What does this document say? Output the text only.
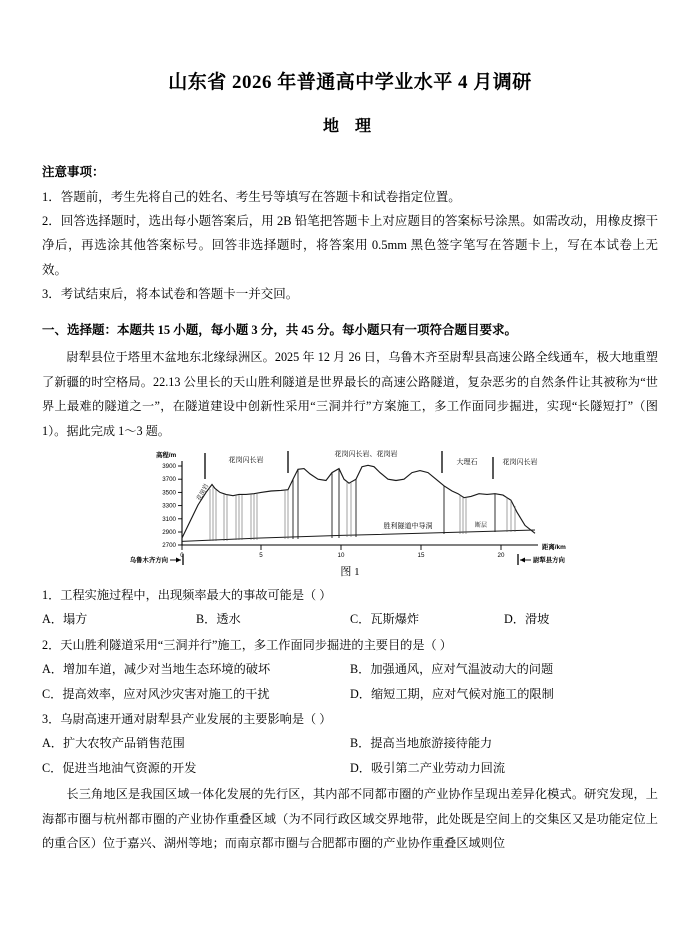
山东省 2026 年普通高中学业水平 4 月调研
地 理
注意事项：
1．答题前，考生先将自己的姓名、考生号等填写在答题卡和试卷指定位置。
2．回答选择题时，选出每小题答案后，用 2B 铅笔把答题卡上对应题目的答案标号涂黑。如需改动，用橡皮擦干净后，再选涂其他答案标号。回答非选择题时，将答案用 0.5mm 黑色签字笔写在答题卡上，写在本试卷上无效。
3．考试结束后，将本试卷和答题卡一并交回。
一、选择题：本题共 15 小题，每小题 3 分，共 45 分。每小题只有一项符合题目要求。
尉犁县位于塔里木盆地东北缘绿洲区。2025 年 12 月 26 日，乌鲁木齐至尉犁县高速公路全线通车，极大地重塑了新疆的时空格局。22.13 公里长的天山胜利隧道是世界最长的高速公路隧道，复杂恶劣的自然条件让其被称为“世界上最难的隧道之一”，在隧道建设中创新性采用“三洞并行”方案施工，多工作面同步掘进，实现“长隧短打”（图 1）。据此完成 1～3 题。
3900
3700
3500
3300
3100
2900
2700
高程/m
0	5	10	15	20
距离/km
花岗闪长岩
花岗闪长岩、花岗岩
大理石	花岗闪长岩
花岗岩
胜利隧道中导洞	断层
乌鲁木齐方向	尉犁县方向
图 1
1．工程实施过程中，出现频率最大的事故可能是（ ）
A．塌方	B．透水	C．瓦斯爆炸	D．滑坡
2．天山胜利隧道采用“三洞并行”施工，多工作面同步掘进的主要目的是（ ）
A．增加车道，减少对当地生态环境的破坏	B．加强通风，应对气温波动大的问题
C．提高效率，应对风沙灾害对施工的干扰	D．缩短工期，应对气候对施工的限制
3．乌尉高速开通对尉犁县产业发展的主要影响是（ ）
A．扩大农牧产品销售范围	B．提高当地旅游接待能力
C．促进当地油气资源的开发	D．吸引第二产业劳动力回流
长三角地区是我国区域一体化发展的先行区，其内部不同都市圈的产业协作呈现出差异化模式。研究发现，上海都市圈与杭州都市圈的产业协作重叠区域（为不同行政区域交界地带，此处既是空间上的交集区又是功能定位上的重合区）位于嘉兴、湖州等地；而南京都市圈与合肥都市圈的产业协作重叠区域则位
